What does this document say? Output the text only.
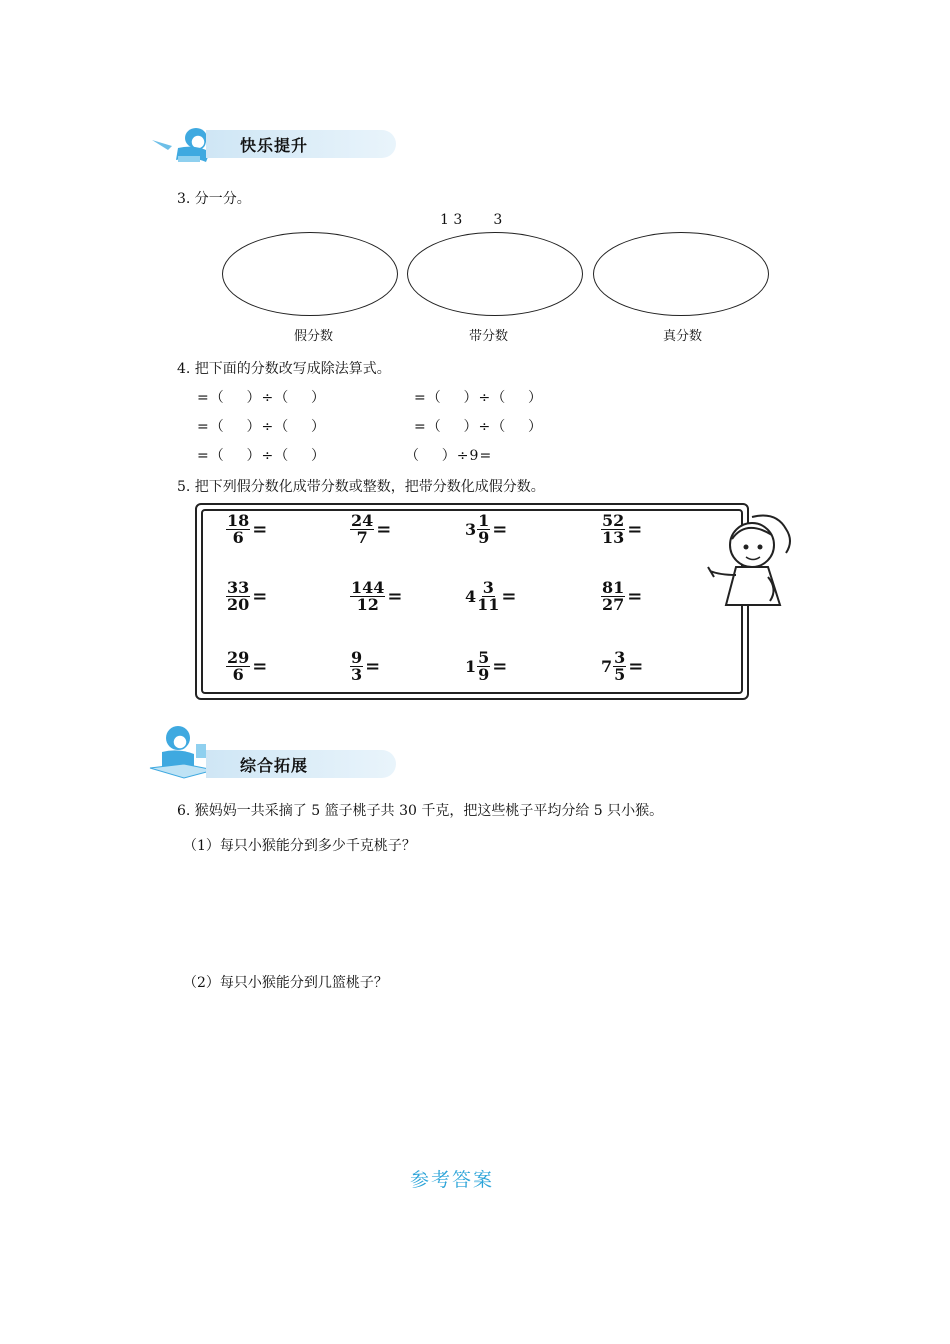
快乐提升
3. 分一分。
1 3       3
假分数	带分数	真分数
4. 把下面的分数改写成除法算式。
=（    ）÷（    ）	=（    ）÷（    ）
=（    ）÷（    ）	=（    ）÷（    ）
=（    ）÷（    ）	（    ）÷9=
5. 把下列假分数化成带分数或整数，把带分数化成假分数。
$\frac{18}{6}$ =	$\frac{24}{7}$ =	$3 \frac{1}{9}$ =	$\frac{52}{13}$ =
$\frac{33}{20}$ =	$\frac{144}{12}$ =	$4 \frac{3}{11}$ =	$\frac{81}{27}$ =
$\frac{29}{6}$ =	$\frac{9}{3}$ =	$1 \frac{5}{9}$ =	$7 \frac{3}{5}$ =
综合拓展
6. 猴妈妈一共采摘了 5 篮子桃子共 30 千克，把这些桃子平均分给 5 只小猴。
（1）每只小猴能分到多少千克桃子？
（2）每只小猴能分到几篮桃子？
参考答案
